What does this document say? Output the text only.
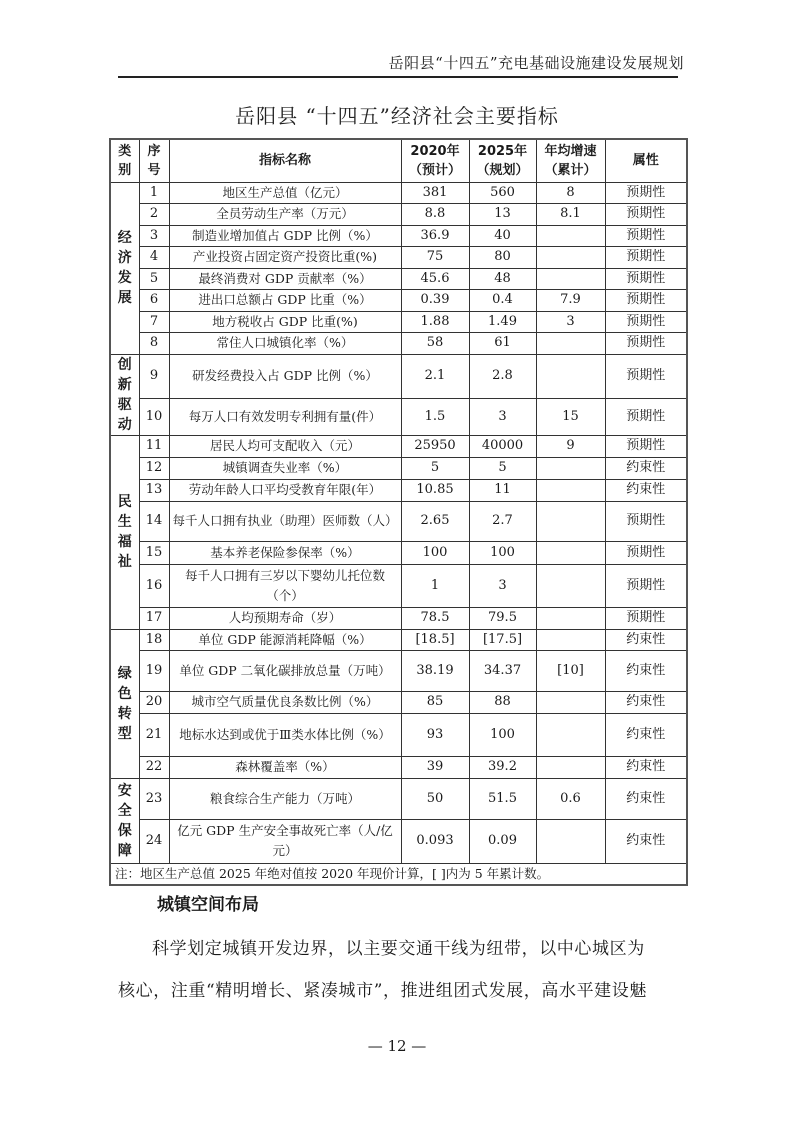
岳阳县“十四五”充电基础设施建设发展规划
岳阳县 “十四五”经济社会主要指标
类别	序号	指标名称	2020年（预计）	2025年（规划）	年均增速（累计）	属性
经济发展	1	地区生产总值（亿元）	381	560	8	预期性
	2	全员劳动生产率（万元）	8.8	13	8.1	预期性
	3	制造业增加值占 GDP 比例（%）	36.9	40		预期性
	4	产业投资占固定资产投资比重(%)	75	80		预期性
	5	最终消费对 GDP 贡献率（%）	45.6	48		预期性
	6	进出口总额占 GDP 比重（%）	0.39	0.4	7.9	预期性
	7	地方税收占 GDP 比重(%)	1.88	1.49	3	预期性
	8	常住人口城镇化率（%）	58	61		预期性
创新驱动	9	研发经费投入占 GDP 比例（%）	2.1	2.8		预期性
	10	每万人口有效发明专利拥有量(件）	1.5	3	15	预期性
民生福祉	11	居民人均可支配收入（元）	25950	40000	9	预期性
	12	城镇调查失业率（%）	5	5		约束性
	13	劳动年龄人口平均受教育年限(年）	10.85	11		约束性
	14	每千人口拥有执业（助理）医师数（人）	2.65	2.7		预期性
	15	基本养老保险参保率（%）	100	100		预期性
	16	每千人口拥有三岁以下婴幼儿托位数（个）	1	3		预期性
	17	人均预期寿命（岁）	78.5	79.5		预期性
绿色转型	18	单位 GDP 能源消耗降幅（%）	[18.5]	[17.5]		约束性
	19	单位 GDP 二氧化碳排放总量（万吨）	38.19	34.37	[10]	约束性
	20	城市空气质量优良条数比例（%）	85	88		约束性
	21	地标水达到或优于Ⅲ类水体比例（%）	93	100		约束性
	22	森林覆盖率（%）	39	39.2		约束性
安全保障	23	粮食综合生产能力（万吨）	50	51.5	0.6	约束性
	24	亿元 GDP 生产安全事故死亡率（人/亿元）	0.093	0.09		约束性
注：地区生产总值 2025 年绝对值按 2020 年现价计算，[ ]内为 5 年累计数。						
城镇空间布局
科学划定城镇开发边界，以主要交通干线为纽带，以中心城区为
核心，注重“精明增长、紧凑城市”，推进组团式发展，高水平建设魅
— 12 —
